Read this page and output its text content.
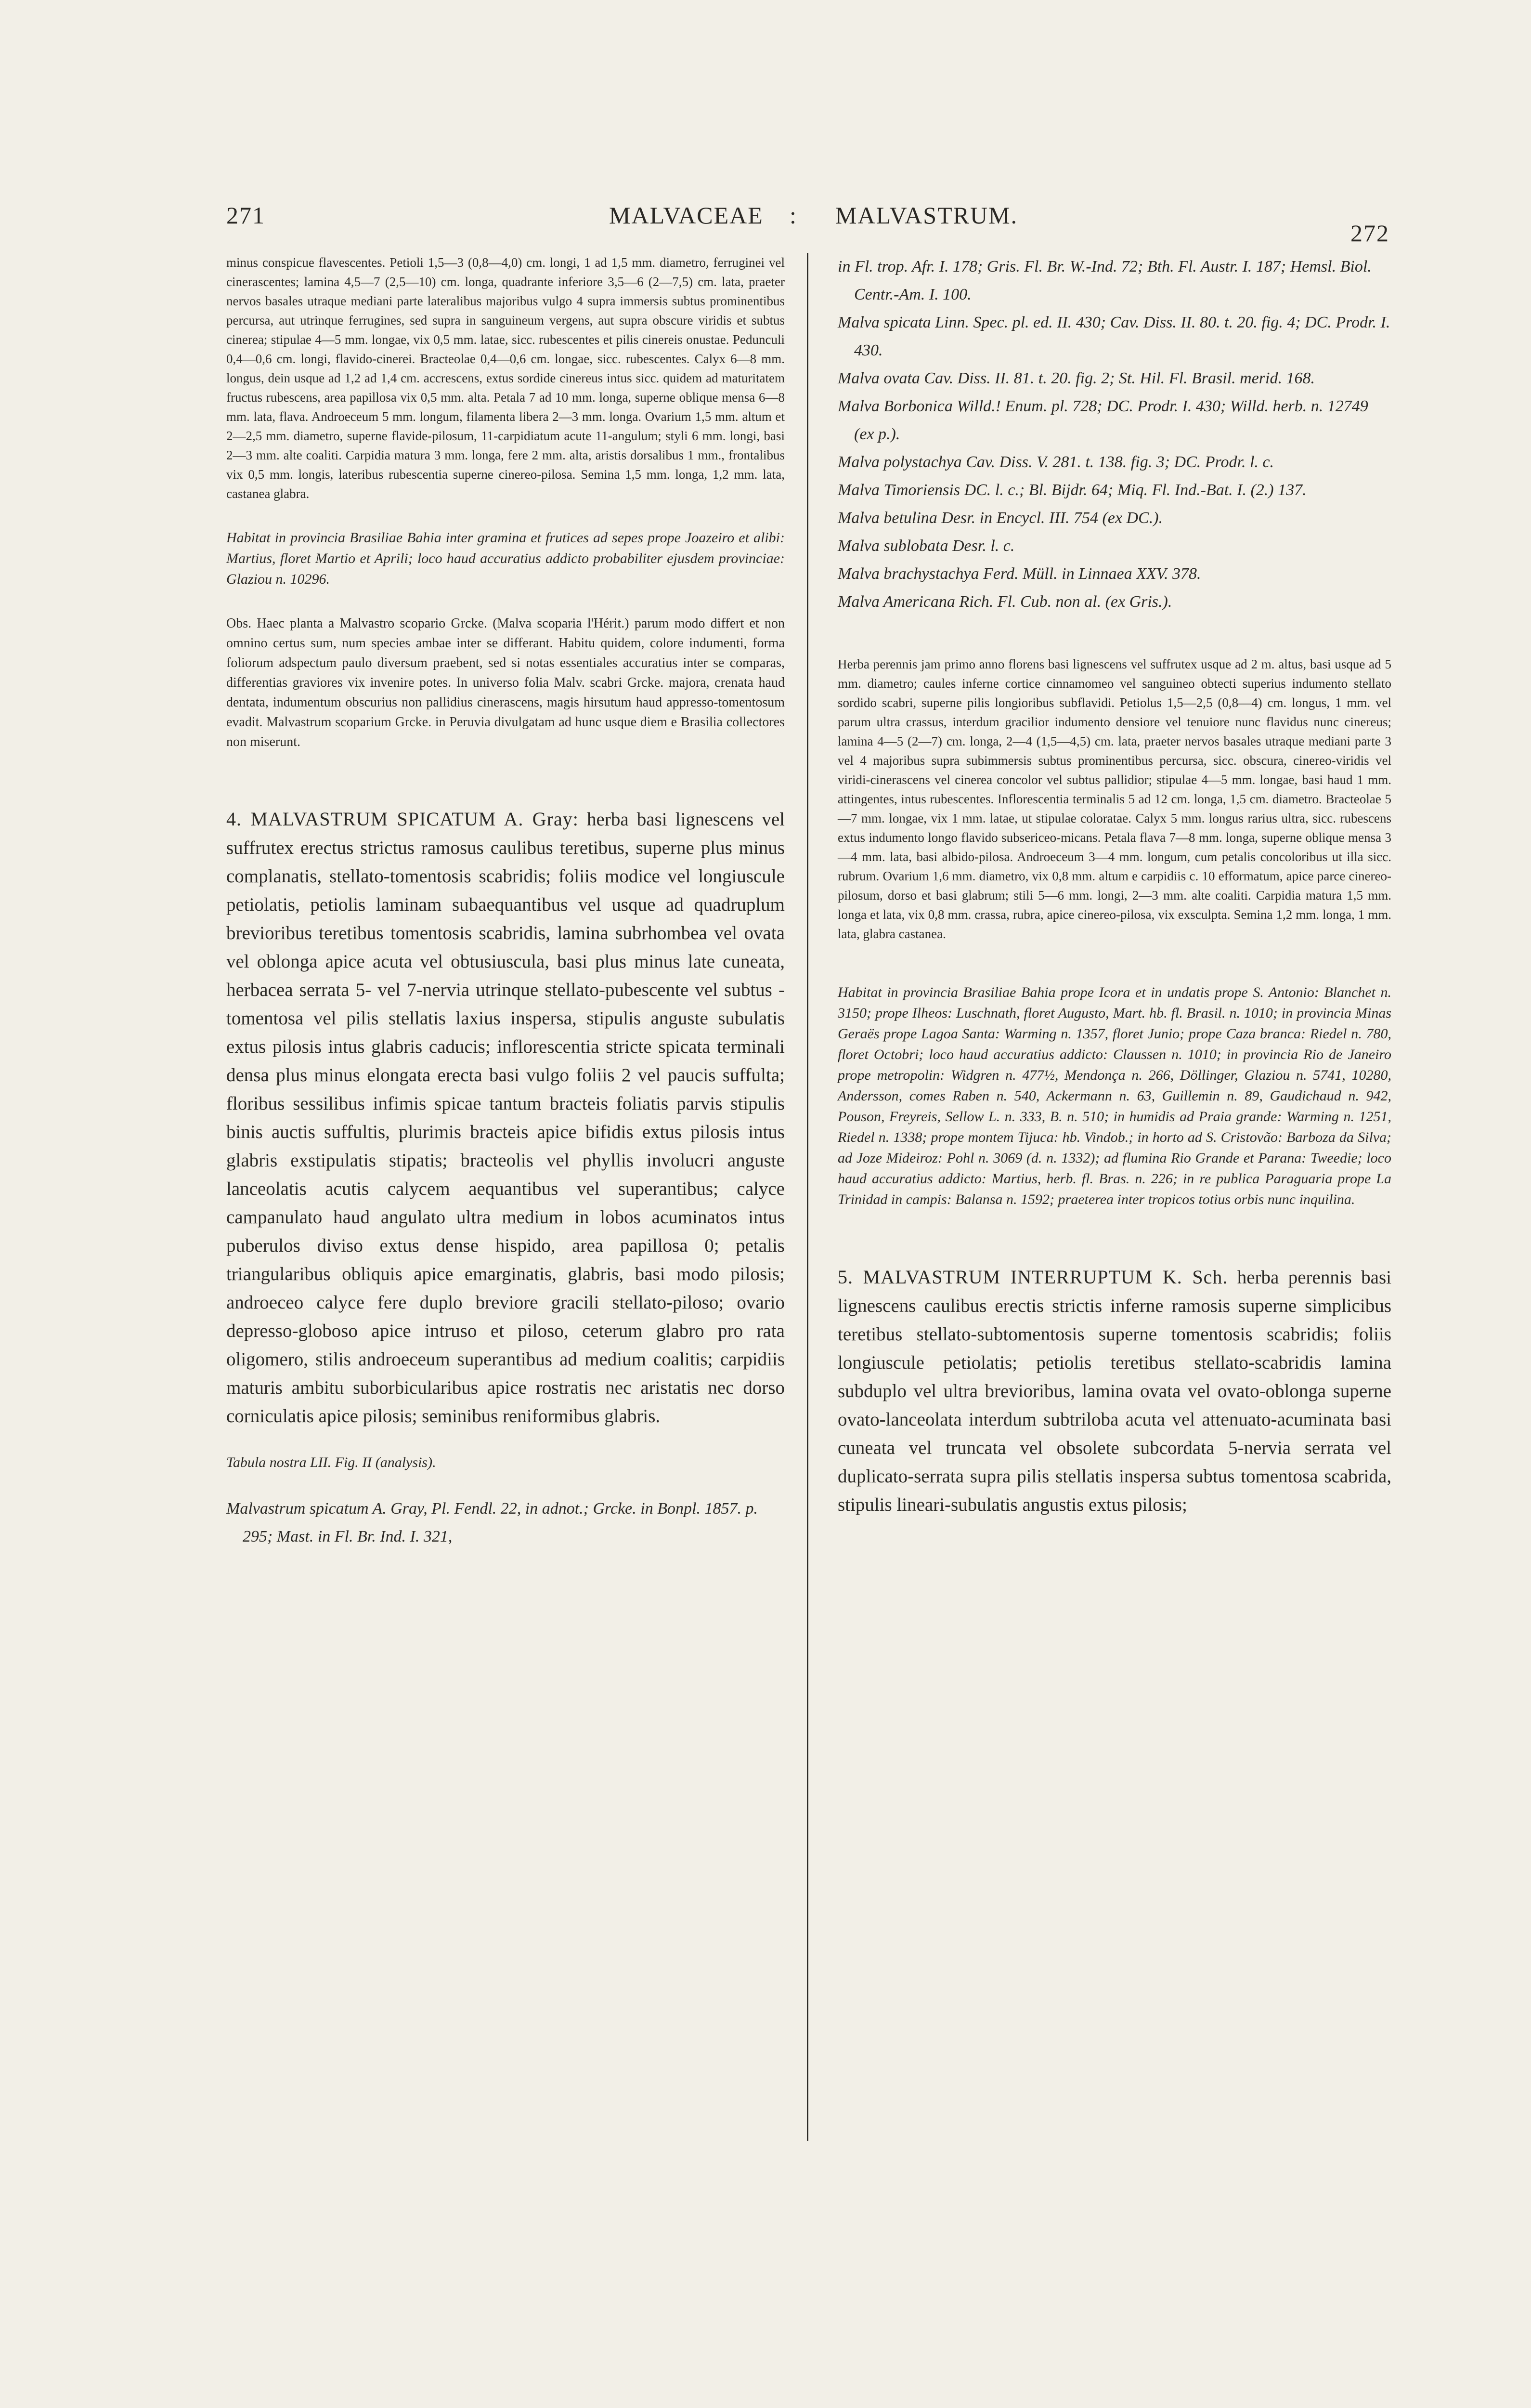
271	MALVACEAE : MALVASTRUM.
272

minus conspicue flavescentes. Petioli 1,5—3 (0,8—4,0) cm. longi, 1 ad 1,5 mm. diametro, ferruginei vel cinerascentes; lamina 4,5—7 (2,5—10) cm. longa, quadrante inferiore 3,5—6 (2—7,5) cm. lata, praeter nervos basales utraque mediani parte lateralibus majoribus vulgo 4 supra immersis subtus prominentibus percursa, aut utrinque ferrugines, sed supra in sanguineum vergens, aut supra obscure viridis et subtus cinerea; stipulae 4—5 mm. longae, vix 0,5 mm. latae, sicc. rubescentes et pilis cinereis onustae. Pedunculi 0,4—0,6 cm. longi, flavido-cinerei. Bracteolae 0,4—0,6 cm. longae, sicc. rubescentes. Calyx 6—8 mm. longus, dein usque ad 1,2 ad 1,4 cm. accrescens, extus sordide cinereus intus sicc. quidem ad maturitatem fructus rubescens, area papillosa vix 0,5 mm. alta. Petala 7 ad 10 mm. longa, superne oblique mensa 6—8 mm. lata, flava. Androeceum 5 mm. longum, filamenta libera 2—3 mm. longa. Ovarium 1,5 mm. altum et 2—2,5 mm. diametro, superne flavide-pilosum, 11-carpidiatum acute 11-angulum; styli 6 mm. longi, basi 2—3 mm. alte coaliti. Carpidia matura 3 mm. longa, fere 2 mm. alta, aristis dorsalibus 1 mm., frontalibus vix 0,5 mm. longis, lateribus rubescentia superne cinereo-pilosa. Semina 1,5 mm. longa, 1,2 mm. lata, castanea glabra.

Habitat in provincia Brasiliae Bahia inter gramina et frutices ad sepes prope Joazeiro et alibi: Martius, floret Martio et Aprili; loco haud accuratius addicto probabiliter ejusdem provinciae: Glaziou n. 10296.

Obs. Haec planta a Malvastro scopario Grcke. (Malva scoparia l'Hérit.) parum modo differt et non omnino certus sum, num species ambae inter se differant. Habitu quidem, colore indumenti, forma foliorum adspectum paulo diversum praebent, sed si notas essentiales accuratius inter se comparas, differentias graviores vix invenire potes. In universo folia Malv. scabri Grcke. majora, crenata haud dentata, indumentum obscurius non pallidius cinerascens, magis hirsutum haud appresso-tomentosum evadit. Malvastrum scoparium Grcke. in Peruvia divulgatam ad hunc usque diem e Brasilia collectores non miserunt.

4. MALVASTRUM SPICATUM A. Gray: herba basi lignescens vel suffrutex erectus strictus ramosus caulibus teretibus, superne plus minus complanatis, stellato-tomentosis scabridis; foliis modice vel longiuscule petiolatis, petiolis laminam subaequantibus vel usque ad quadruplum brevioribus teretibus tomentosis scabridis, lamina subrhombea vel ovata vel oblonga apice acuta vel obtusiuscula, basi plus minus late cuneata, herbacea serrata 5- vel 7-nervia utrinque stellato-pubescente vel subtus -tomentosa vel pilis stellatis laxius inspersa, stipulis anguste subulatis extus pilosis intus glabris caducis; inflorescentia stricte spicata terminali densa plus minus elongata erecta basi vulgo foliis 2 vel paucis suffulta; floribus sessilibus infimis spicae tantum bracteis foliatis parvis stipulis binis auctis suffultis, plurimis bracteis apice bifidis extus pilosis intus glabris exstipulatis stipatis; bracteolis vel phyllis involucri anguste lanceolatis acutis calycem aequantibus vel superantibus; calyce campanulato haud angulato ultra medium in lobos acuminatos intus puberulos diviso extus dense hispido, area papillosa 0; petalis triangularibus obliquis apice emarginatis, glabris, basi modo pilosis; androeceo calyce fere duplo breviore gracili stellato-piloso; ovario depresso-globoso apice intruso et piloso, ceterum glabro pro rata oligomero, stilis androeceum superantibus ad medium coalitis; carpidiis maturis ambitu suborbicularibus apice rostratis nec aristatis nec dorso corniculatis apice pilosis; seminibus reniformibus glabris.

Tabula nostra LII. Fig. II (analysis).

Malvastrum spicatum A. Gray, Pl. Fendl. 22, in adnot.; Grcke. in Bonpl. 1857. p. 295; Mast. in Fl. Br. Ind. I. 321,

in Fl. trop. Afr. I. 178; Gris. Fl. Br. W.-Ind. 72; Bth. Fl. Austr. I. 187; Hemsl. Biol. Centr.-Am. I. 100.

Malva spicata Linn. Spec. pl. ed. II. 430; Cav. Diss. II. 80. t. 20. fig. 4; DC. Prodr. I. 430.

Malva ovata Cav. Diss. II. 81. t. 20. fig. 2; St. Hil. Fl. Brasil. merid. 168.

Malva Borbonica Willd.! Enum. pl. 728; DC. Prodr. I. 430; Willd. herb. n. 12749 (ex p.).

Malva polystachya Cav. Diss. V. 281. t. 138. fig. 3; DC. Prodr. l. c.

Malva Timoriensis DC. l. c.; Bl. Bijdr. 64; Miq. Fl. Ind.-Bat. I. (2.) 137.

Malva betulina Desr. in Encycl. III. 754 (ex DC.).

Malva sublobata Desr. l. c.

Malva brachystachya Ferd. Müll. in Linnaea XXV. 378.

Malva Americana Rich. Fl. Cub. non al. (ex Gris.).

Herba perennis jam primo anno florens basi lignescens vel suffrutex usque ad 2 m. altus, basi usque ad 5 mm. diametro; caules inferne cortice cinnamomeo vel sanguineo obtecti superius indumento stellato sordido scabri, superne pilis longioribus subflavidi. Petiolus 1,5—2,5 (0,8—4) cm. longus, 1 mm. vel parum ultra crassus, interdum gracilior indumento densiore vel tenuiore nunc flavidus nunc cinereus; lamina 4—5 (2—7) cm. longa, 2—4 (1,5—4,5) cm. lata, praeter nervos basales utraque mediani parte 3 vel 4 majoribus supra subimmersis subtus prominentibus percursa, sicc. obscura, cinereo-viridis vel viridi-cinerascens vel cinerea concolor vel subtus pallidior; stipulae 4—5 mm. longae, basi haud 1 mm. attingentes, intus rubescentes. Inflorescentia terminalis 5 ad 12 cm. longa, 1,5 cm. diametro. Bracteolae 5—7 mm. longae, vix 1 mm. latae, ut stipulae coloratae. Calyx 5 mm. longus rarius ultra, sicc. rubescens extus indumento longo flavido subsericeo-micans. Petala flava 7—8 mm. longa, superne oblique mensa 3—4 mm. lata, basi albido-pilosa. Androeceum 3—4 mm. longum, cum petalis concoloribus ut illa sicc. rubrum. Ovarium 1,6 mm. diametro, vix 0,8 mm. altum e carpidiis c. 10 efformatum, apice parce cinereo-pilosum, dorso et basi glabrum; stili 5—6 mm. longi, 2—3 mm. alte coaliti. Carpidia matura 1,5 mm. longa et lata, vix 0,8 mm. crassa, rubra, apice cinereo-pilosa, vix exsculpta. Semina 1,2 mm. longa, 1 mm. lata, glabra castanea.

Habitat in provincia Brasiliae Bahia prope Icora et in undatis prope S. Antonio: Blanchet n. 3150; prope Ilheos: Luschnath, floret Augusto, Mart. hb. fl. Brasil. n. 1010; in provincia Minas Geraës prope Lagoa Santa: Warming n. 1357, floret Junio; prope Caza branca: Riedel n. 780, floret Octobri; loco haud accuratius addicto: Claussen n. 1010; in provincia Rio de Janeiro prope metropolin: Widgren n. 477½, Mendonça n. 266, Döllinger, Glaziou n. 5741, 10280, Andersson, comes Raben n. 540, Ackermann n. 63, Guillemin n. 89, Gaudichaud n. 942, Pouson, Freyreis, Sellow L. n. 333, B. n. 510; in humidis ad Praia grande: Warming n. 1251, Riedel n. 1338; prope montem Tijuca: hb. Vindob.; in horto ad S. Cristovão: Barboza da Silva; ad Joze Mideiroz: Pohl n. 3069 (d. n. 1332); ad flumina Rio Grande et Parana: Tweedie; loco haud accuratius addicto: Martius, herb. fl. Bras. n. 226; in re publica Paraguaria prope La Trinidad in campis: Balansa n. 1592; praeterea inter tropicos totius orbis nunc inquilina.

5. MALVASTRUM INTERRUPTUM K. Sch. herba perennis basi lignescens caulibus erectis strictis inferne ramosis superne simplicibus teretibus stellato-subtomentosis superne tomentosis scabridis; foliis longiuscule petiolatis; petiolis teretibus stellato-scabridis lamina subduplo vel ultra brevioribus, lamina ovata vel ovato-oblonga superne ovato-lanceolata interdum subtriloba acuta vel attenuato-acuminata basi cuneata vel truncata vel obsolete subcordata 5-nervia serrata vel duplicato-serrata supra pilis stellatis inspersa subtus tomentosa scabrida, stipulis lineari-subulatis angustis extus pilosis;
